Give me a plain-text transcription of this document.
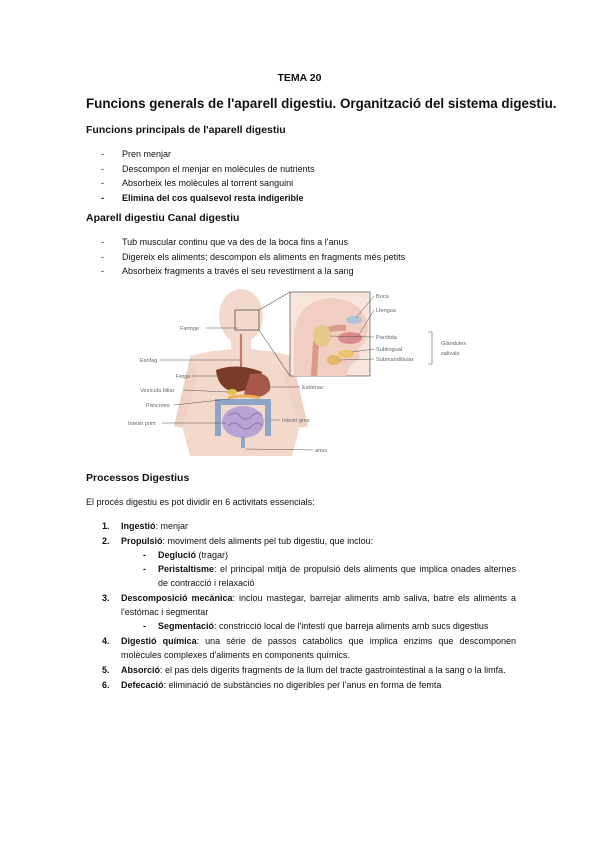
TEMA 20
Funcions generals de l'aparell digestiu. Organització del sistema digestiu.
Funcions principals de l'aparell digestiu
- Pren menjar
- Descompon el menjar en molècules de nutrients
- Absorbeix les molècules al torrent sanguini
- Elimina del cos qualsevol resta indigerible
Aparell digestiu Canal digestiu
- Tub muscular continu que va des de la boca fins a l'anus
- Digereix els aliments; descompon els aliments en fragments més petits
- Absorbeix fragments a través el seu revestiment a la sang
Faringe
Esòfag
Fetge
Vesícula biliar
Pàncrees
Intestí prim
Estómac
Intestí gros
anus
Boca
Llengua
Paròtida
Sublingual
Submandibular
Glàndules
salivals
Processos Digestius
El procés digestiu es pot dividir en 6 activitats essencials:
1. Ingestió: menjar
2. Propulsió: moviment dels aliments pel tub digestiu, que inclou:
- Deglució (tragar)
- Peristaltisme: el principal mitjà de propulsió dels aliments que implica onades alternes de contracció i relaxació
3. Descomposició mecànica: inclou mastegar, barrejar aliments amb saliva, batre els aliments a l'estómac i segmentar
- Segmentació: constricció local de l'intestí que barreja aliments amb sucs digestius
4. Digestió química: una sèrie de passos catabòlics que implica enzims que descomponen molècules complexes d'aliments en components químics.
5. Absorció: el pas dels digerits fragments de la llum del tracte gastrointestinal a la sang o la limfa.
6. Defecació: eliminació de substàncies no digeribles per l'anus en forma de femta
